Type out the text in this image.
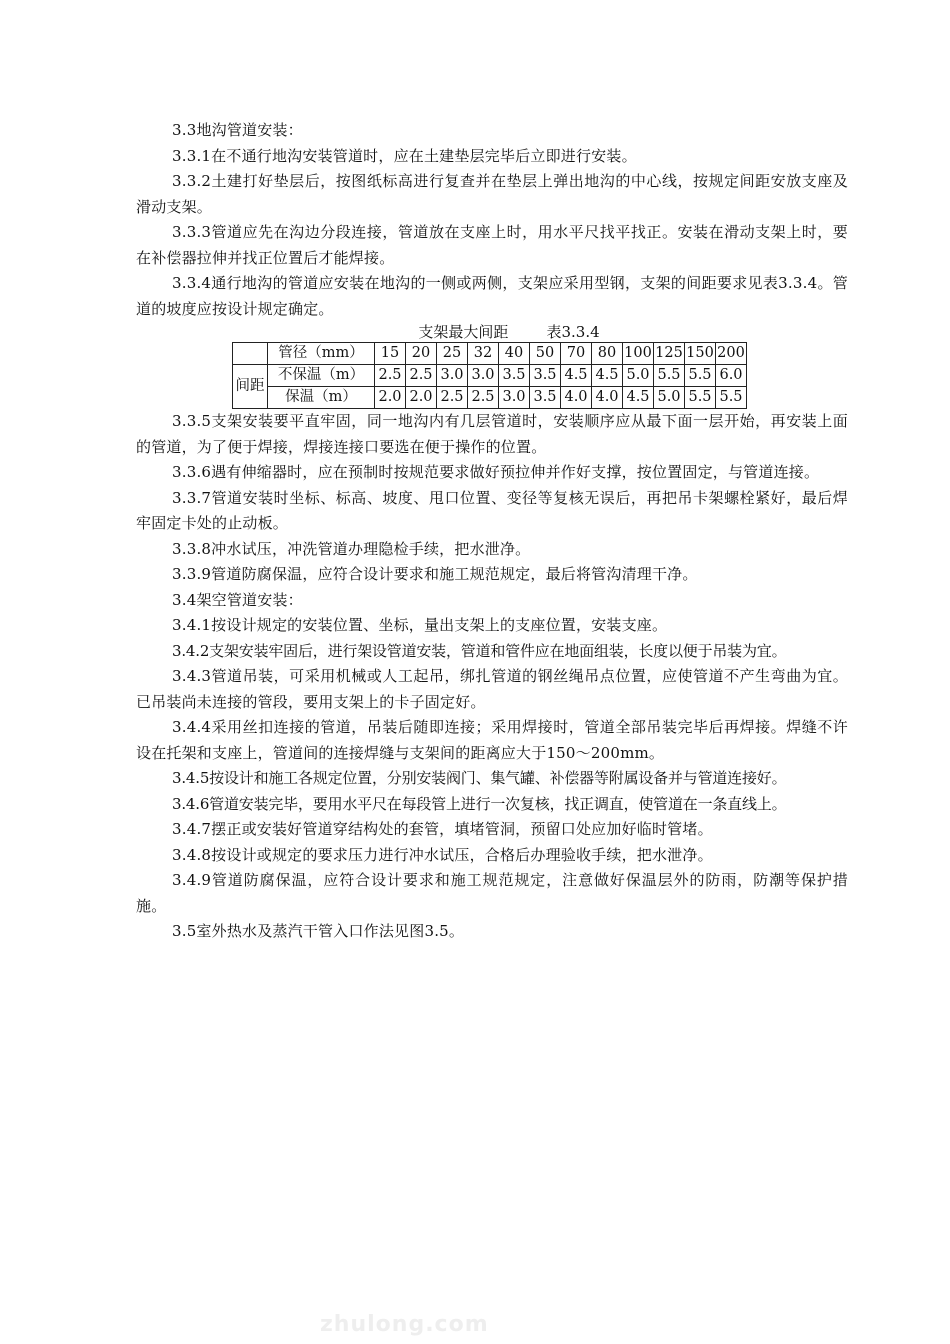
3.3地沟管道安装：

3.3.1在不通行地沟安装管道时，应在土建垫层完毕后立即进行安装。

3.3.2土建打好垫层后，按图纸标高进行复查并在垫层上弹出地沟的中心线，按规定间距安放支座及滑动支架。

3.3.3管道应先在沟边分段连接，管道放在支座上时，用水平尺找平找正。安装在滑动支架上时，要在补偿器拉伸并找正位置后才能焊接。

3.3.4通行地沟的管道应安装在地沟的一侧或两侧，支架应采用型钢，支架的间距要求见表3.3.4。管道的坡度应按设计规定确定。

支架最大间距        表3.3.4
	管径（mm）	15	20	25	32	40	50	70	80	100	125	150	200
间距	不保温（m）	2.5	2.5	3.0	3.0	3.5	3.5	4.5	4.5	5.0	5.5	5.5	6.0
	保温（m）	2.0	2.0	2.5	2.5	3.0	3.5	4.0	4.0	4.5	5.0	5.5	5.5

3.3.5支架安装要平直牢固，同一地沟内有几层管道时，安装顺序应从最下面一层开始，再安装上面的管道，为了便于焊接，焊接连接口要选在便于操作的位置。

3.3.6遇有伸缩器时，应在预制时按规范要求做好预拉伸并作好支撑，按位置固定，与管道连接。

3.3.7管道安装时坐标、标高、坡度、甩口位置、变径等复核无误后，再把吊卡架螺栓紧好，最后焊牢固定卡处的止动板。

3.3.8冲水试压，冲洗管道办理隐检手续，把水泄净。

3.3.9管道防腐保温，应符合设计要求和施工规范规定，最后将管沟清理干净。

3.4架空管道安装：

3.4.1按设计规定的安装位置、坐标，量出支架上的支座位置，安装支座。

3.4.2支架安装牢固后，进行架设管道安装，管道和管件应在地面组装，长度以便于吊装为宜。

3.4.3管道吊装，可采用机械或人工起吊，绑扎管道的钢丝绳吊点位置，应使管道不产生弯曲为宜。已吊装尚未连接的管段，要用支架上的卡子固定好。

3.4.4采用丝扣连接的管道，吊装后随即连接；采用焊接时，管道全部吊装完毕后再焊接。焊缝不许设在托架和支座上，管道间的连接焊缝与支架间的距离应大于150～200mm。

3.4.5按设计和施工各规定位置，分别安装阀门、集气罐、补偿器等附属设备并与管道连接好。

3.4.6管道安装完毕，要用水平尺在每段管上进行一次复核，找正调直，使管道在一条直线上。

3.4.7摆正或安装好管道穿结构处的套管，填堵管洞，预留口处应加好临时管堵。

3.4.8按设计或规定的要求压力进行冲水试压，合格后办理验收手续，把水泄净。

3.4.9管道防腐保温，应符合设计要求和施工规范规定，注意做好保温层外的防雨，防潮等保护措施。

3.5室外热水及蒸汽干管入口作法见图3.5。

zhulong.com
